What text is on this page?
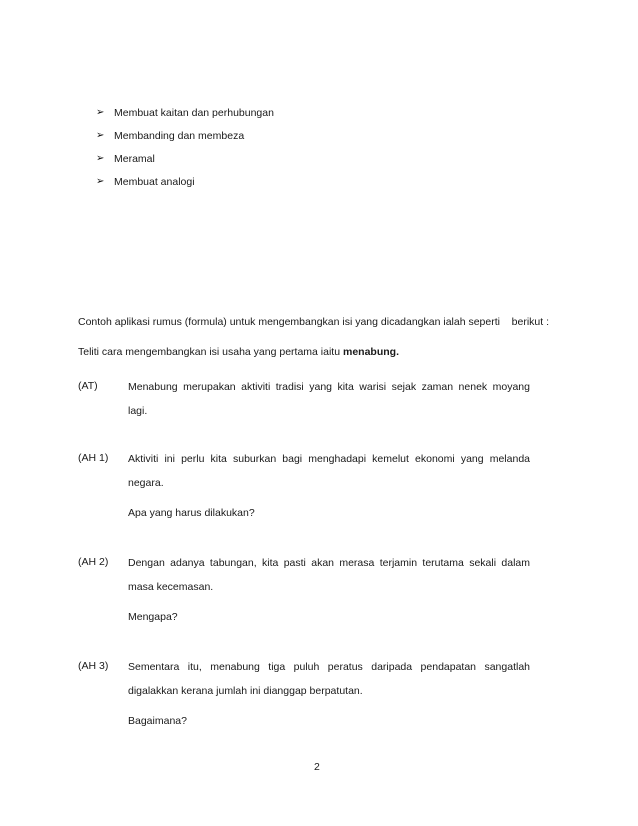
➢ Membuat kaitan dan perhubungan
➢ Membanding dan membeza
➢ Meramal
➢ Membuat analogi
Contoh aplikasi rumus (formula) untuk mengembangkan isi yang dicadangkan ialah seperti    berikut :
Teliti cara mengembangkan isi usaha yang pertama iaitu menabung.
(AT)	Menabung merupakan aktiviti tradisi yang kita warisi sejak zaman nenek moyang
lagi.
(AH 1)	Aktiviti ini perlu kita suburkan bagi menghadapi kemelut ekonomi yang melanda
negara.
Apa yang harus dilakukan?
(AH 2)	Dengan adanya tabungan, kita pasti akan merasa terjamin terutama sekali dalam
masa kecemasan.
Mengapa?
(AH 3)	Sementara itu, menabung tiga puluh peratus daripada pendapatan sangatlah
digalakkan kerana jumlah ini dianggap berpatutan.
Bagaimana?
2
